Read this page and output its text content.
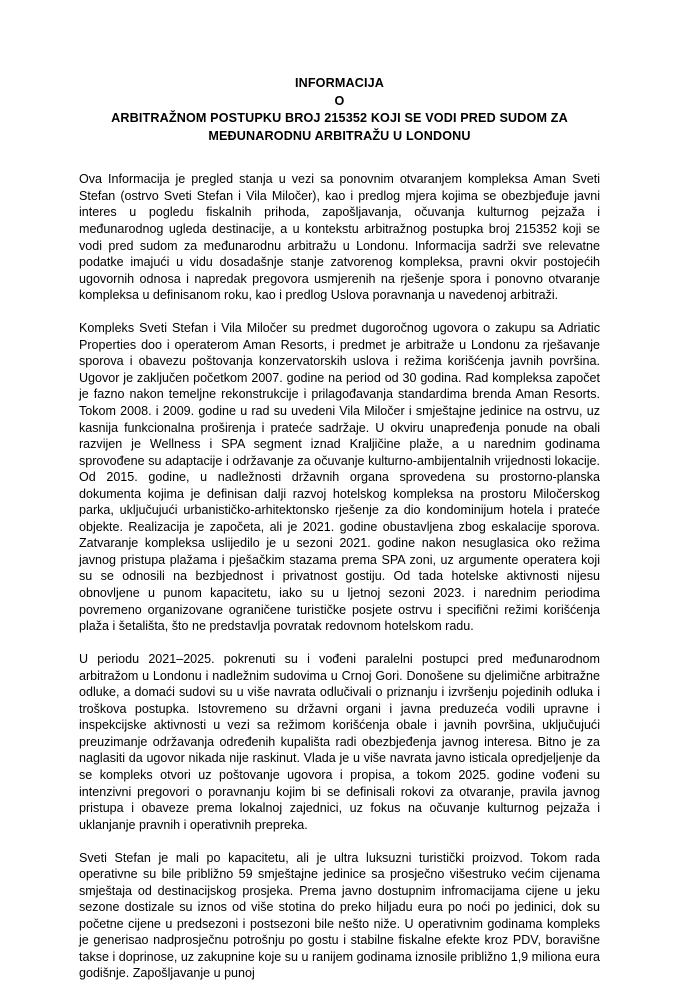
INFORMACIJA
O
ARBITRAŽNOM POSTUPKU BROJ 215352 KOJI SE VODI PRED SUDOM ZA MEĐUNARODNU ARBITRAŽU U LONDONU

Ova Informacija je pregled stanja u vezi sa ponovnim otvaranjem kompleksa Aman Sveti Stefan (ostrvo Sveti Stefan i Vila Miločer), kao i predlog mjera kojima se obezbjeđuje javni interes u pogledu fiskalnih prihoda, zapošljavanja, očuvanja kulturnog pejzaža i međunarodnog ugleda destinacije, a u kontekstu arbitražnog postupka broj 215352 koji se vodi pred sudom za međunarodnu arbitražu u Londonu. Informacija sadrži sve relevatne podatke imajući u vidu dosadašnje stanje zatvorenog kompleksa, pravni okvir postojećih ugovornih odnosa i napredak pregovora usmjerenih na rješenje spora i ponovno otvaranje kompleksa u definisanom roku, kao i predlog Uslova poravnanja u navedenoj arbitraži.

Kompleks Sveti Stefan i Vila Miločer su predmet dugoročnog ugovora o zakupu sa Adriatic Properties doo i operaterom Aman Resorts, i predmet je arbitraže u Londonu za rješavanje sporova i obavezu poštovanja konzervatorskih uslova i režima korišćenja javnih površina. Ugovor je zaključen početkom 2007. godine na period od 30 godina. Rad kompleksa započet je fazno nakon temeljne rekonstrukcije i prilagođavanja standardima brenda Aman Resorts. Tokom 2008. i 2009. godine u rad su uvedeni Vila Miločer i smještajne jedinice na ostrvu, uz kasnija funkcionalna proširenja i prateće sadržaje. U okviru unapređenja ponude na obali razvijen je Wellness i SPA segment iznad Kraljičine plaže, a u narednim godinama sprovođene su adaptacije i održavanje za očuvanje kulturno-ambijentalnih vrijednosti lokacije. Od 2015. godine, u nadležnosti državnih organa sprovedena su prostorno-planska dokumenta kojima je definisan dalji razvoj hotelskog kompleksa na prostoru Miločerskog parka, uključujući urbanističko-arhitektonsko rješenje za dio kondominijum hotela i prateće objekte. Realizacija je započeta, ali je 2021. godine obustavljena zbog eskalacije sporova. Zatvaranje kompleksa uslijedilo je u sezoni 2021. godine nakon nesuglasica oko režima javnog pristupa plažama i pješačkim stazama prema SPA zoni, uz argumente operatera koji su se odnosili na bezbjednost i privatnost gostiju. Od tada hotelske aktivnosti nijesu obnovljene u punom kapacitetu, iako su u ljetnoj sezoni 2023. i narednim periodima povremeno organizovane ograničene turističke posjete ostrvu i specifični režimi korišćenja plaža i šetališta, što ne predstavlja povratak redovnom hotelskom radu.

U periodu 2021–2025. pokrenuti su i vođeni paralelni postupci pred međunarodnom arbitražom u Londonu i nadležnim sudovima u Crnoj Gori. Donošene su djelimične arbitražne odluke, a domaći sudovi su u više navrata odlučivali o priznanju i izvršenju pojedinih odluka i troškova postupka. Istovremeno su državni organi i javna preduzeća vodili upravne i inspekcijske aktivnosti u vezi sa režimom korišćenja obale i javnih površina, uključujući preuzimanje održavanja određenih kupališta radi obezbjeđenja javnog interesa. Bitno je za naglasiti da ugovor nikada nije raskinut. Vlada je u više navrata javno isticala opredjeljenje da se kompleks otvori uz poštovanje ugovora i propisa, a tokom 2025. godine vođeni su intenzivni pregovori o poravnanju kojim bi se definisali rokovi za otvaranje, pravila javnog pristupa i obaveze prema lokalnoj zajednici, uz fokus na očuvanje kulturnog pejzaža i uklanjanje pravnih i operativnih prepreka.

Sveti Stefan je mali po kapacitetu, ali je ultra luksuzni turistički proizvod. Tokom rada operativne su bile približno 59 smještajne jedinice sa prosječno višestruko većim cijenama smještaja od destinacijskog prosjeka. Prema javno dostupnim infromacijama cijene u jeku sezone dostizale su iznos od više stotina do preko hiljadu eura po noći po jedinici, dok su početne cijene u predsezoni i postsezoni bile nešto niže. U operativnim godinama kompleks je generisao nadprosječnu potrošnju po gostu i stabilne fiskalne efekte kroz PDV, boravišne takse i doprinose, uz zakupnine koje su u ranijem godinama iznosile približno 1,9 miliona eura godišnje. Zapošljavanje u punoj
